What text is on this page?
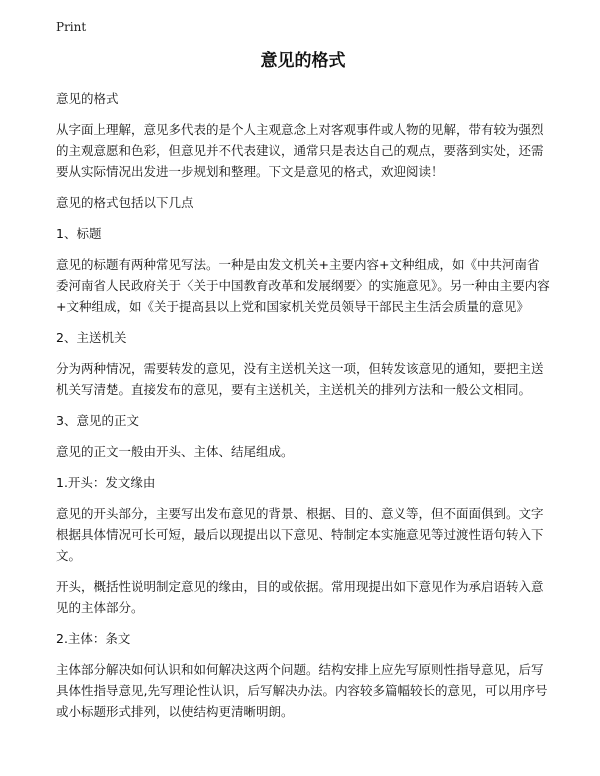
Print
意见的格式
意见的格式
从字面上理解，意见多代表的是个人主观意念上对客观事件或人物的见解，带有较为强烈的主观意愿和色彩，但意见并不代表建议，通常只是表达自己的观点，要落到实处，还需要从实际情况出发进一步规划和整理。下文是意见的格式，欢迎阅读！
意见的格式包括以下几点
1、标题
意见的标题有两种常见写法。一种是由发文机关+主要内容+文种组成，如《中共河南省委河南省人民政府关于〈关于中国教育改革和发展纲要〉的实施意见》。另一种由主要内容+文种组成，如《关于提高县以上党和国家机关党员领导干部民主生活会质量的意见》
2、主送机关
分为两种情况，需要转发的意见，没有主送机关这一项，但转发该意见的通知，要把主送机关写清楚。直接发布的意见，要有主送机关，主送机关的排列方法和一般公文相同。
3、意见的正文
意见的正文一般由开头、主体、结尾组成。
1.开头：发文缘由
意见的开头部分，主要写出发布意见的背景、根据、目的、意义等，但不面面俱到。文字根据具体情况可长可短，最后以现提出以下意见、特制定本实施意见等过渡性语句转入下文。
开头，概括性说明制定意见的缘由，目的或依据。常用现提出如下意见作为承启语转入意见的主体部分。
2.主体：条文
主体部分解决如何认识和如何解决这两个问题。结构安排上应先写原则性指导意见，后写具体性指导意见,先写理论性认识，后写解决办法。内容较多篇幅较长的意见，可以用序号或小标题形式排列，以使结构更清晰明朗。
